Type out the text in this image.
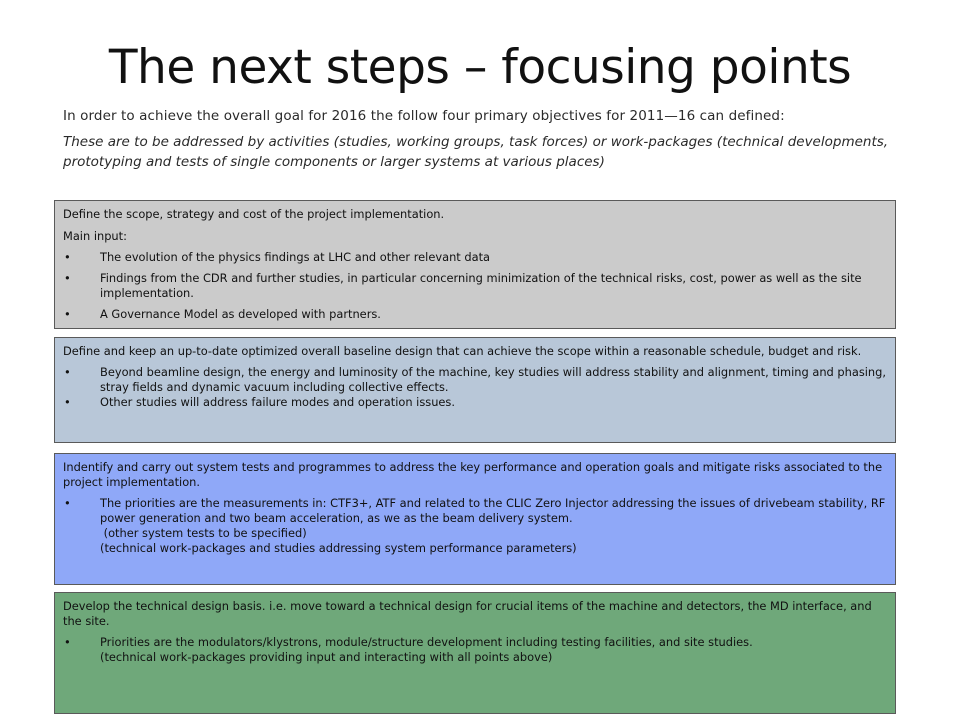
The next steps – focusing points

In order to achieve the overall goal for 2016 the follow four primary objectives for 2011—16 can defined:

These are to be addressed by activities (studies, working groups, task forces) or work-packages (technical developments, prototyping and tests of single components or larger systems at various places)

Define the scope, strategy and cost of the project implementation.

Main input:

•	The evolution of the physics findings at LHC and other relevant data
•	Findings from the CDR and further studies, in particular concerning minimization of the technical risks, cost, power as well as the site implementation.
•	A Governance Model as developed with partners.

Define and keep an up-to-date optimized overall baseline design that can achieve the scope within a reasonable schedule, budget and risk.

•	Beyond beamline design, the energy and luminosity of the machine, key studies will address stability and alignment, timing and phasing, stray fields and dynamic vacuum including collective effects.
•	Other studies will address failure modes and operation issues.

Indentify and carry out system tests and programmes to address the key performance and operation goals and mitigate risks associated to the project implementation.

•	The priorities are the measurements in: CTF3+, ATF and related to the CLIC Zero Injector addressing the issues of drivebeam stability, RF power generation and two beam acceleration, as we as the beam delivery system.

(other system tests to be specified)

(technical work-packages and studies addressing system performance parameters)

Develop the technical design basis. i.e. move toward a technical design for crucial items of the machine and detectors, the MD interface, and the site.

•	Priorities are the modulators/klystrons, module/structure development including testing facilities, and site studies.

(technical work-packages providing input and interacting with all points above)
